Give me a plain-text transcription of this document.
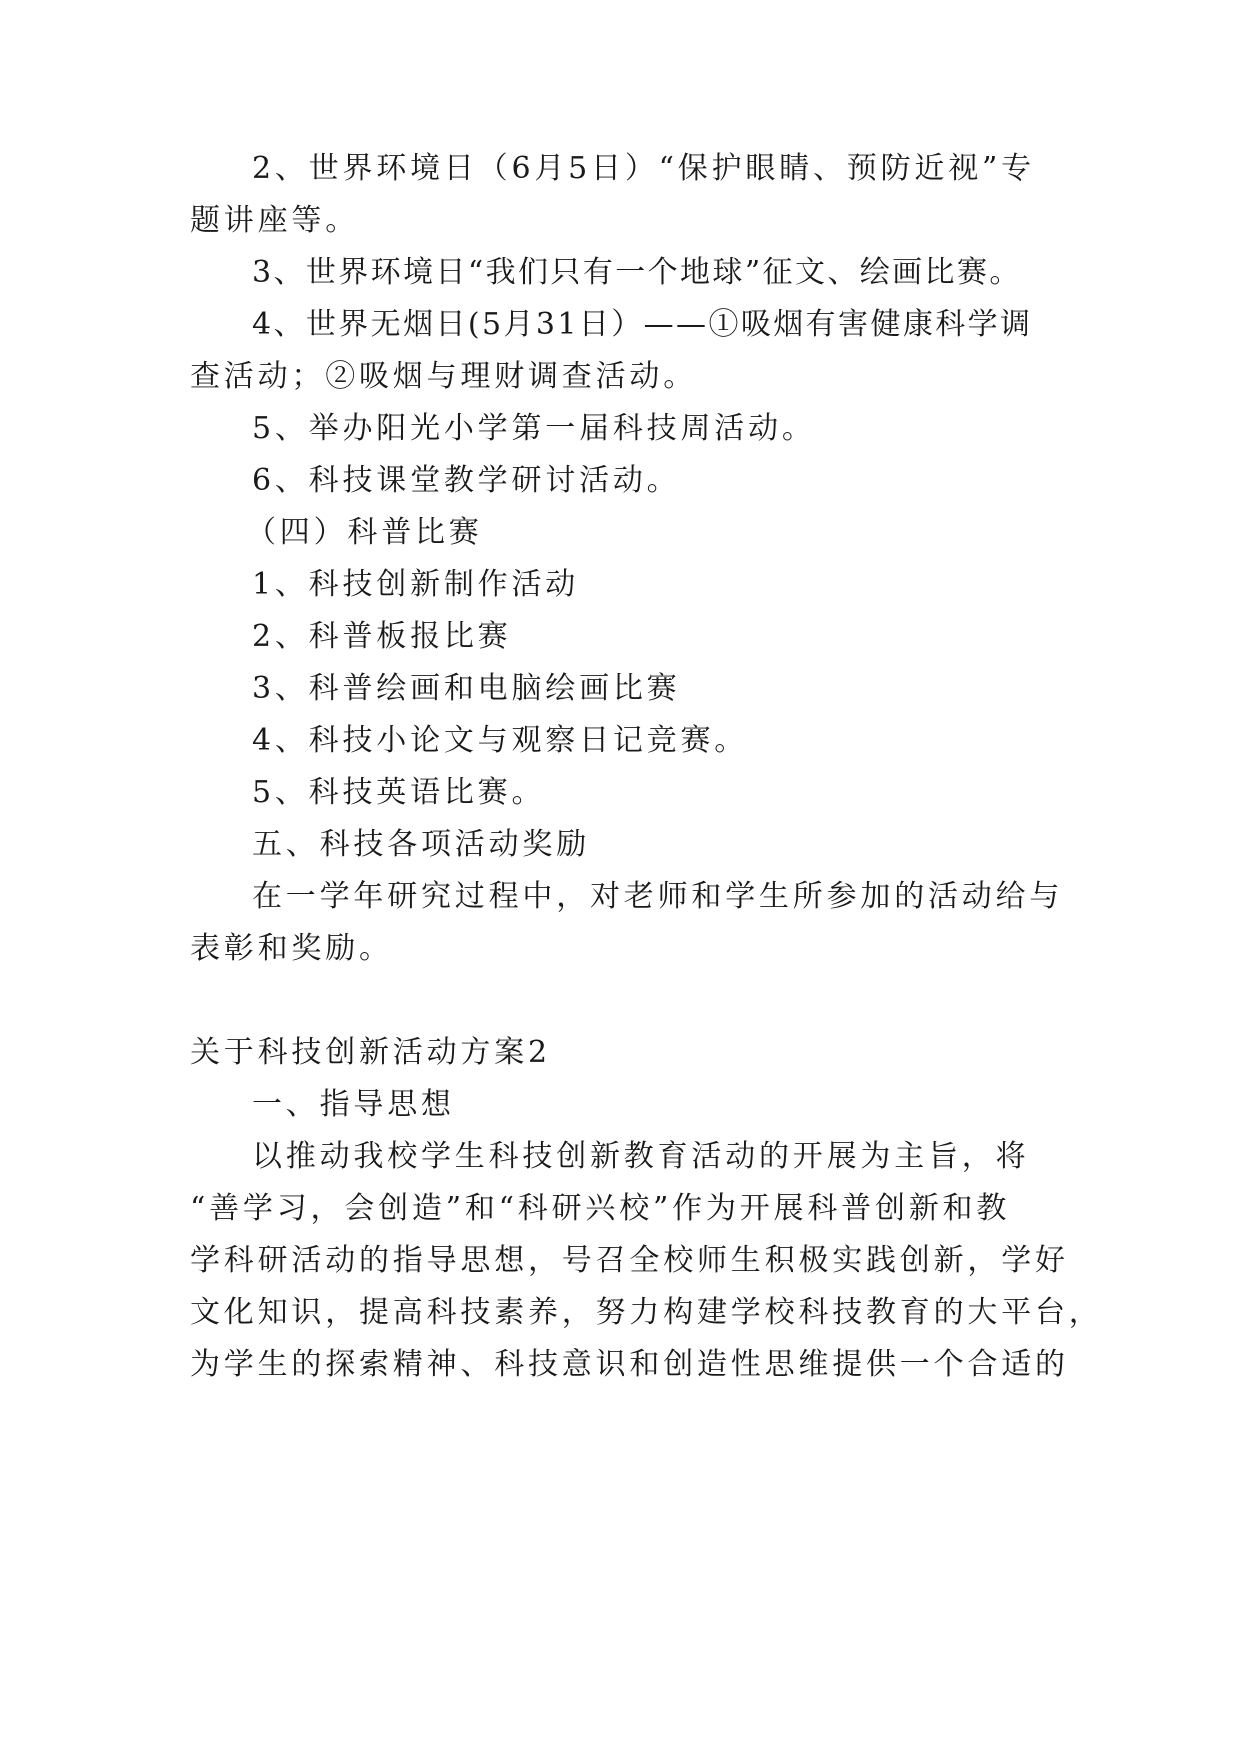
2、世界环境日（6月5日）“保护眼睛、预防近视”专

题讲座等。

3、世界环境日“我们只有一个地球”征文、绘画比赛。

4、世界无烟日(5月31日）——①吸烟有害健康科学调

查活动；②吸烟与理财调查活动。

5、举办阳光小学第一届科技周活动。

6、科技课堂教学研讨活动。

（四）科普比赛

1、科技创新制作活动

2、科普板报比赛

3、科普绘画和电脑绘画比赛

4、科技小论文与观察日记竞赛。

5、科技英语比赛。

五、科技各项活动奖励

在一学年研究过程中，对老师和学生所参加的活动给与

表彰和奖励。

关于科技创新活动方案2

一、指导思想

以推动我校学生科技创新教育活动的开展为主旨，将

“善学习，会创造”和“科研兴校”作为开展科普创新和教

学科研活动的指导思想，号召全校师生积极实践创新，学好

文化知识，提高科技素养，努力构建学校科技教育的大平台，

为学生的探索精神、科技意识和创造性思维提供一个合适的
